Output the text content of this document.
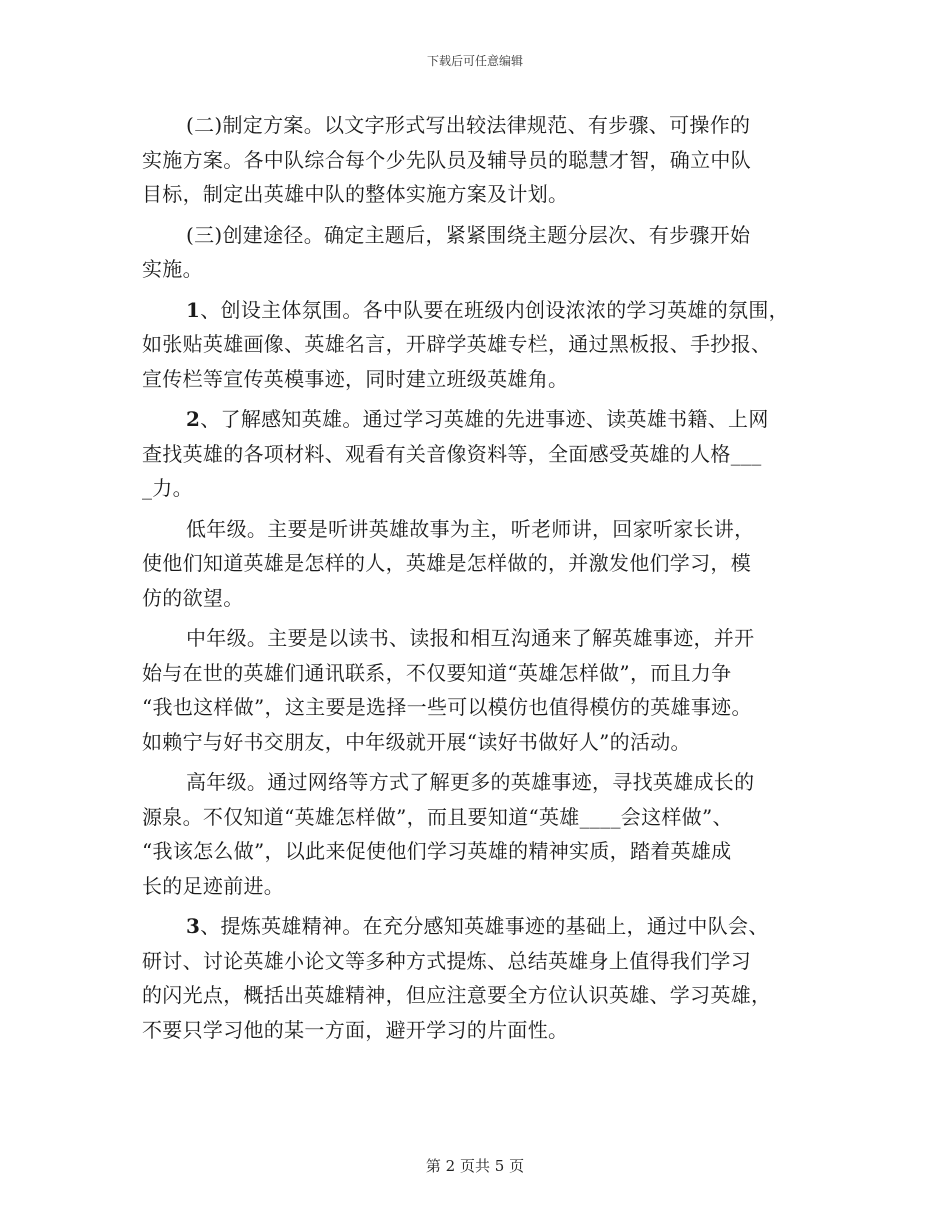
下载后可任意编辑
(二)制定方案。以文字形式写出较法律规范、有步骤、可操作的
实施方案。各中队综合每个少先队员及辅导员的聪慧才智，确立中队
目标，制定出英雄中队的整体实施方案及计划。
(三)创建途径。确定主题后，紧紧围绕主题分层次、有步骤开始
实施。
1、创设主体氛围。各中队要在班级内创设浓浓的学习英雄的氛围，
如张贴英雄画像、英雄名言，开辟学英雄专栏，通过黑板报、手抄报、
宣传栏等宣传英模事迹，同时建立班级英雄角。
2、了解感知英雄。通过学习英雄的先进事迹、读英雄书籍、上网
查找英雄的各项材料、观看有关音像资料等，全面感受英雄的人格___
_力。
低年级。主要是听讲英雄故事为主，听老师讲，回家听家长讲，
使他们知道英雄是怎样的人，英雄是怎样做的，并激发他们学习，模
仿的欲望。
中年级。主要是以读书、读报和相互沟通来了解英雄事迹，并开
始与在世的英雄们通讯联系，不仅要知道“英雄怎样做”，而且力争
“我也这样做”，这主要是选择一些可以模仿也值得模仿的英雄事迹。
如赖宁与好书交朋友，中年级就开展“读好书做好人”的活动。
高年级。通过网络等方式了解更多的英雄事迹，寻找英雄成长的
源泉。不仅知道“英雄怎样做”，而且要知道“英雄____会这样做”、
“我该怎么做”，以此来促使他们学习英雄的精神实质，踏着英雄成
长的足迹前进。
3、提炼英雄精神。在充分感知英雄事迹的基础上，通过中队会、
研讨、讨论英雄小论文等多种方式提炼、总结英雄身上值得我们学习
的闪光点，概括出英雄精神，但应注意要全方位认识英雄、学习英雄，
不要只学习他的某一方面，避开学习的片面性。
第 2 页共 5 页
